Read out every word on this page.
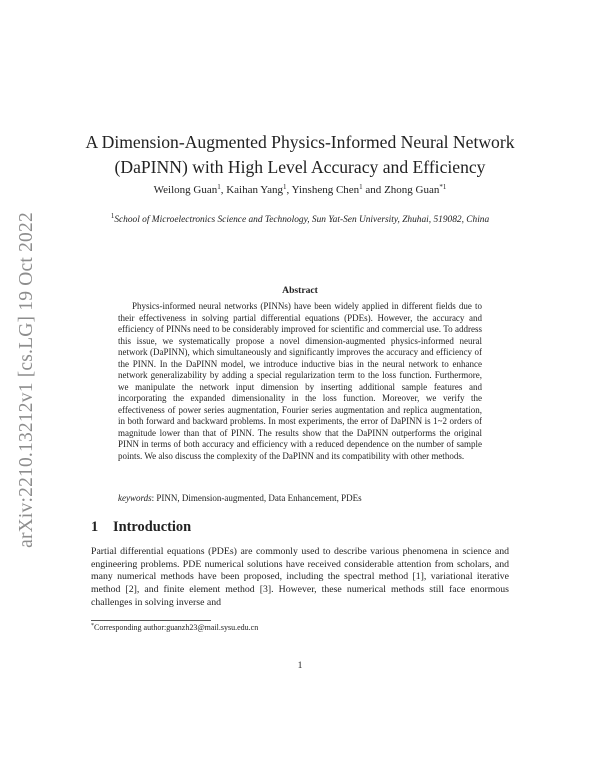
arXiv:2210.13212v1 [cs.LG] 19 Oct 2022
A Dimension-Augmented Physics-Informed Neural Network
(DaPINN) with High Level Accuracy and Efficiency
Weilong Guan$^1$, Kaihan Yang$^1$, Yinsheng Chen$^1$ and Zhong Guan$^{*1}$
$^1$School of Microelectronics Science and Technology, Sun Yat-Sen University, Zhuhai, 519082, China
Abstract

Physics-informed neural networks (PINNs) have been widely applied in different fields due to their effectiveness in solving partial differential equations (PDEs). However, the accuracy and efficiency of PINNs need to be considerably improved for scientific and commercial use. To address this issue, we systematically propose a novel dimension-augmented physics-informed neural network (DaPINN), which simultaneously and significantly improves the accuracy and efficiency of the PINN. In the DaPINN model, we introduce inductive bias in the neural network to enhance network generalizability by adding a special regularization term to the loss function. Furthermore, we manipulate the network input dimension by inserting additional sample features and incorporating the expanded dimensionality in the loss function. Moreover, we verify the effectiveness of power series augmentation, Fourier series augmentation and replica augmentation, in both forward and backward problems. In most experiments, the error of DaPINN is 1~2 orders of magnitude lower than that of PINN. The results show that the DaPINN outperforms the original PINN in terms of both accuracy and efficiency with a reduced dependence on the number of sample points. We also discuss the complexity of the DaPINN and its compatibility with other methods.

keywords: PINN, Dimension-augmented, Data Enhancement, PDEs
1 Introduction

Partial differential equations (PDEs) are commonly used to describe various phenomena in science and engineering problems. PDE numerical solutions have received considerable attention from scholars, and many numerical methods have been proposed, including the spectral method [1], variational iterative method [2], and finite element method [3]. However, these numerical methods still face enormous challenges in solving inverse and

*Corresponding author:guanzh23@mail.sysu.edu.cn
1
